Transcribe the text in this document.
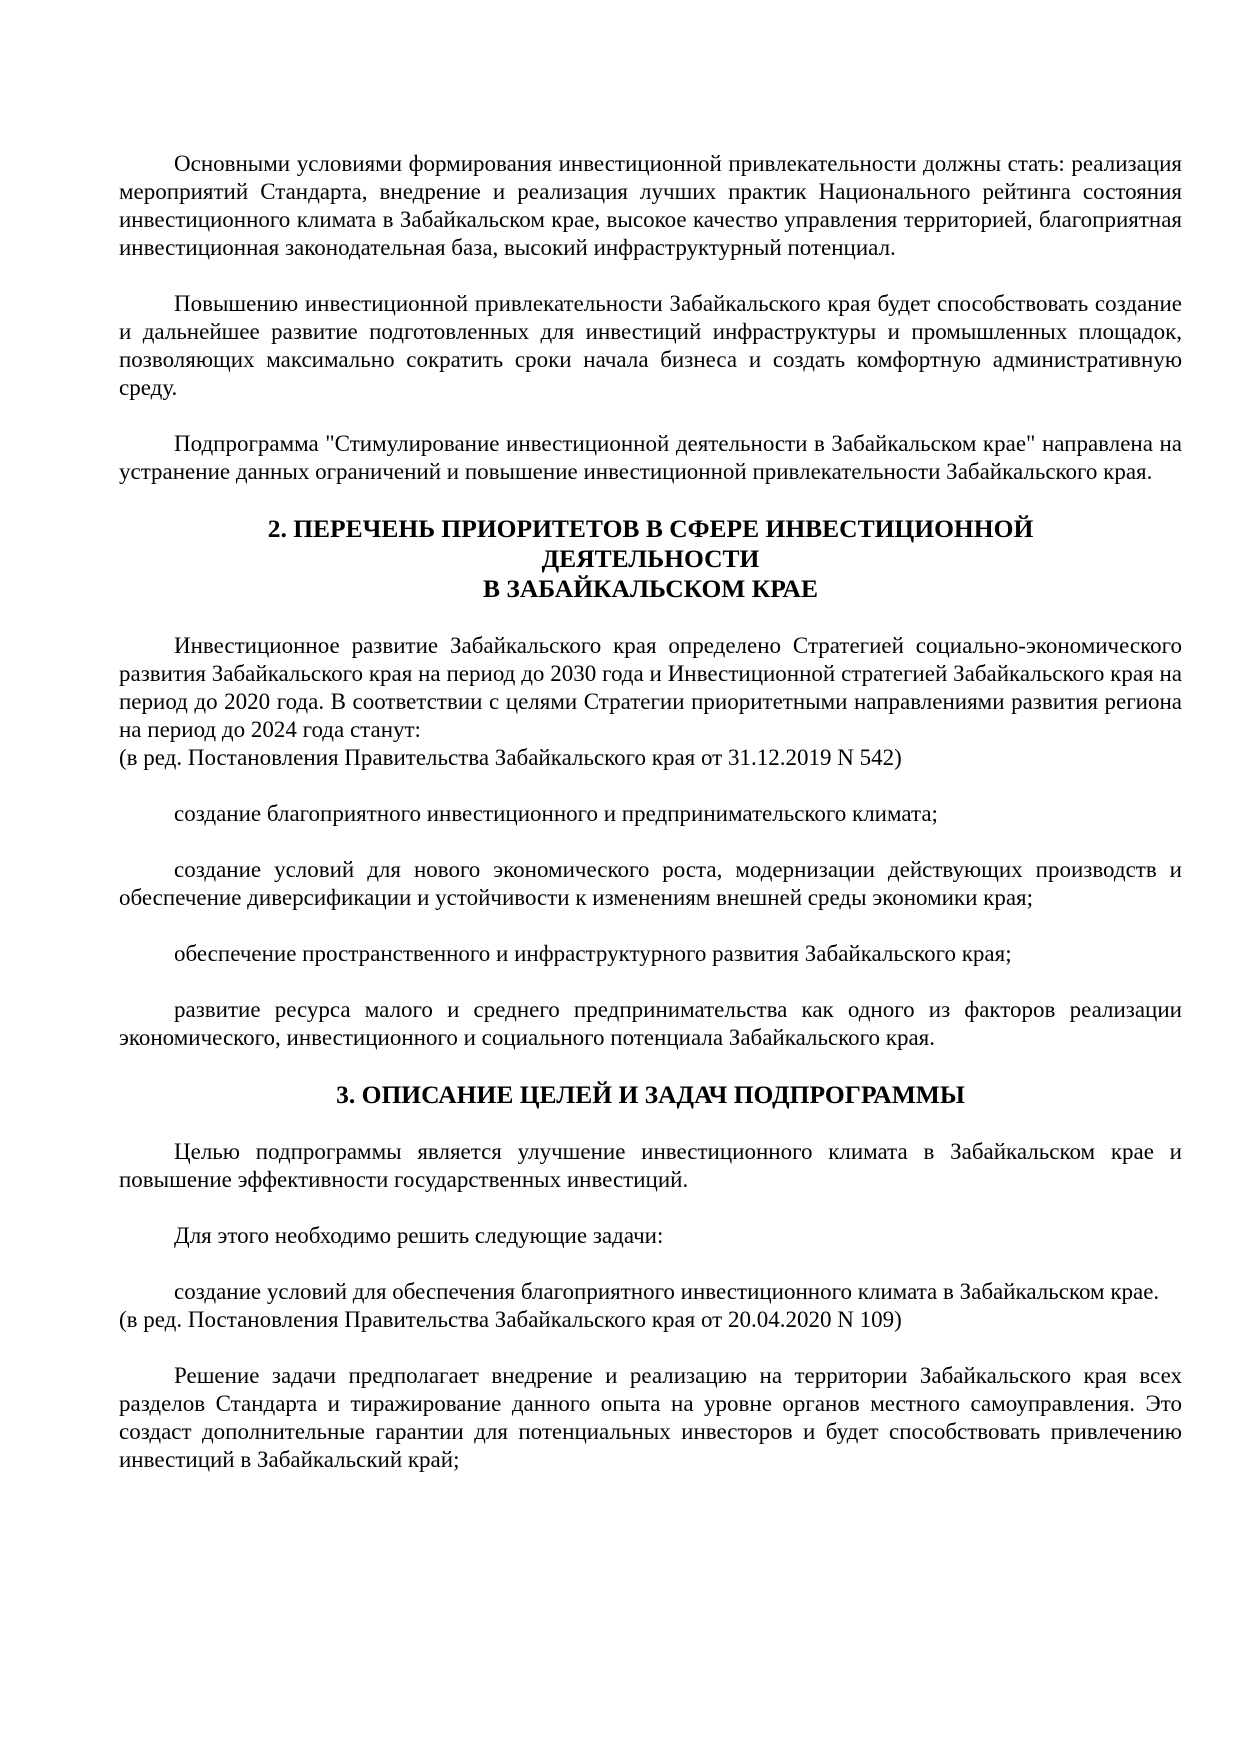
Основными условиями формирования инвестиционной привлекательности должны стать: реализация мероприятий Стандарта, внедрение и реализация лучших практик Национального рейтинга состояния инвестиционного климата в Забайкальском крае, высокое качество управления территорией, благоприятная инвестиционная законодательная база, высокий инфраструктурный потенциал.

Повышению инвестиционной привлекательности Забайкальского края будет способствовать создание и дальнейшее развитие подготовленных для инвестиций инфраструктуры и промышленных площадок, позволяющих максимально сократить сроки начала бизнеса и создать комфортную административную среду.

Подпрограмма "Стимулирование инвестиционной деятельности в Забайкальском крае" направлена на устранение данных ограничений и повышение инвестиционной привлекательности Забайкальского края.

2. ПЕРЕЧЕНЬ ПРИОРИТЕТОВ В СФЕРЕ ИНВЕСТИЦИОННОЙ
ДЕЯТЕЛЬНОСТИ
В ЗАБАЙКАЛЬСКОМ КРАЕ

Инвестиционное развитие Забайкальского края определено Стратегией социально-экономического развития Забайкальского края на период до 2030 года и Инвестиционной стратегией Забайкальского края на период до 2020 года. В соответствии с целями Стратегии приоритетными направлениями развития региона на период до 2024 года станут:

(в ред. Постановления Правительства Забайкальского края от 31.12.2019 N 542)

создание благоприятного инвестиционного и предпринимательского климата;

создание условий для нового экономического роста, модернизации действующих производств и обеспечение диверсификации и устойчивости к изменениям внешней среды экономики края;

обеспечение пространственного и инфраструктурного развития Забайкальского края;

развитие ресурса малого и среднего предпринимательства как одного из факторов реализации экономического, инвестиционного и социального потенциала Забайкальского края.

3. ОПИСАНИЕ ЦЕЛЕЙ И ЗАДАЧ ПОДПРОГРАММЫ

Целью подпрограммы является улучшение инвестиционного климата в Забайкальском крае и повышение эффективности государственных инвестиций.

Для этого необходимо решить следующие задачи:

создание условий для обеспечения благоприятного инвестиционного климата в Забайкальском крае.

(в ред. Постановления Правительства Забайкальского края от 20.04.2020 N 109)

Решение задачи предполагает внедрение и реализацию на территории Забайкальского края всех разделов Стандарта и тиражирование данного опыта на уровне органов местного самоуправления. Это создаст дополнительные гарантии для потенциальных инвесторов и будет способствовать привлечению инвестиций в Забайкальский край;
